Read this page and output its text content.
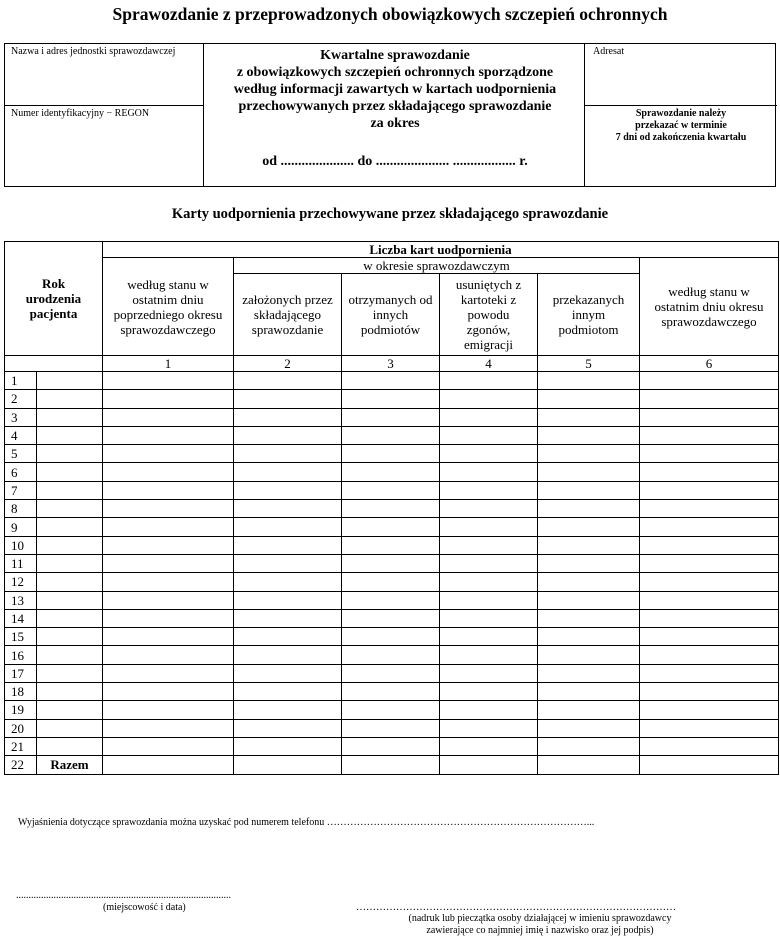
Sprawozdanie z przeprowadzonych obowiązkowych szczepień ochronnych
Nazwa i adres jednostki sprawozdawczej
Numer identyfikacyjny − REGON
Kwartalne sprawozdanie
z obowiązkowych szczepień ochronnych sporządzone
według informacji zawartych w kartach uodpornienia
przechowywanych przez składającego sprawozdanie
za okres
od ..................... do ..................... .................. r.
Adresat
Sprawozdanie należy
przekazać w terminie
7 dni od zakończenia kwartału
Karty uodpornienia przechowywane przez składającego sprawozdanie
Rok urodzenia pacjenta		Liczba kart uodpornienia					
		według stanu w ostatnim dniu poprzedniego okresu sprawozdawczego	w okresie sprawozdawczym				według stanu w ostatnim dniu okresu sprawozdawczego
			założonych przez składającego sprawozdanie	otrzymanych od innych podmiotów	usuniętych z kartoteki z powodu zgonów, emigracji	przekazanych innym podmiotom	
		1	2	3	4	5	6
1							
2							
3							
4							
5							
6							
7							
8							
9							
10							
11							
12							
13							
14							
15							
16							
17							
18							
19							
20							
21							
22	Razem						
Wyjaśnienia dotyczące sprawozdania można uzyskać pod numerem telefonu ……………………………………………………………………...
......................................................................................
(miejscowość i data)	……………………………………………………………………………………
(nadruk lub pieczątka osoby działającej w imieniu sprawozdawcy
zawierające co najmniej imię i nazwisko oraz jej podpis)
